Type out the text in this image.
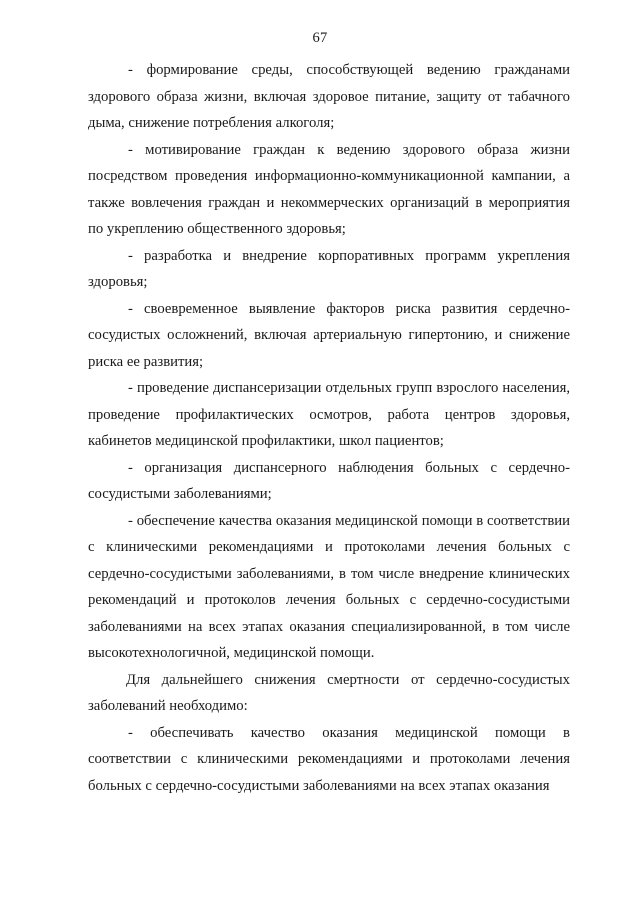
67

- формирование среды, способствующей ведению гражданами здорового образа жизни, включая здоровое питание, защиту от табачного дыма, снижение потребления алкоголя;

- мотивирование граждан к ведению здорового образа жизни посредством проведения информационно-коммуникационной кампании, а также вовлечения граждан и некоммерческих организаций в мероприятия по укреплению общественного здоровья;

- разработка и внедрение корпоративных программ укрепления здоровья;

- своевременное выявление факторов риска развития сердечно-сосудистых осложнений, включая артериальную гипертонию, и снижение риска ее развития;

- проведение диспансеризации отдельных групп взрослого населения, проведение профилактических осмотров, работа центров здоровья, кабинетов медицинской профилактики, школ пациентов;

- организация диспансерного наблюдения больных с сердечно-сосудистыми заболеваниями;

- обеспечение качества оказания медицинской помощи в соответствии с клиническими рекомендациями и протоколами лечения больных с сердечно-сосудистыми заболеваниями, в том числе внедрение клинических рекомендаций и протоколов лечения больных с сердечно-сосудистыми заболеваниями на всех этапах оказания специализированной, в том числе высокотехнологичной, медицинской помощи.

Для дальнейшего снижения смертности от сердечно-сосудистых заболеваний необходимо:

- обеспечивать качество оказания медицинской помощи в соответствии с клиническими рекомендациями и протоколами лечения больных с сердечно-сосудистыми заболеваниями на всех этапах оказания
